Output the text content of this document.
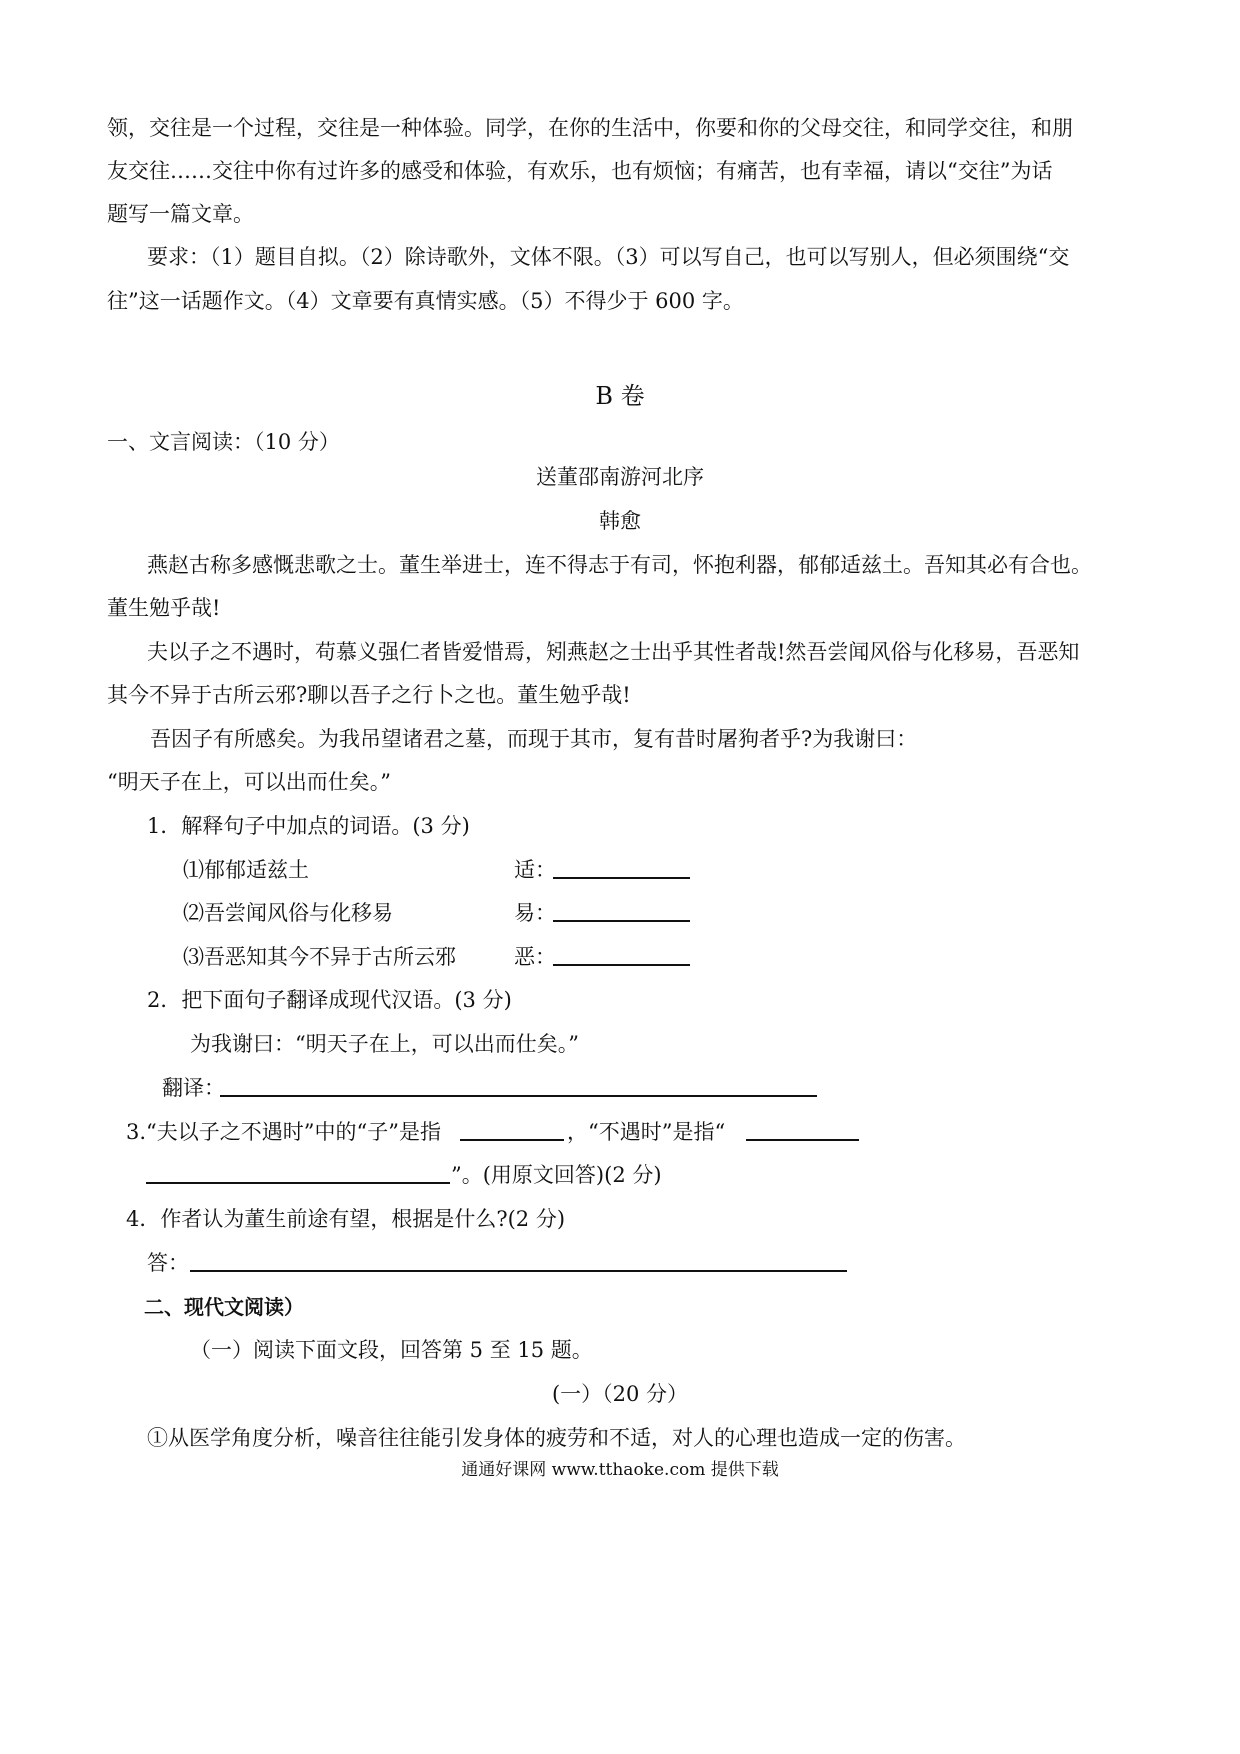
领，交往是一个过程，交往是一种体验。同学，在你的生活中，你要和你的父母交往，和同学交往，和朋
友交往……交往中你有过许多的感受和体验，有欢乐，也有烦恼；有痛苦，也有幸福，请以“交往”为话
题写一篇文章。
要求：（1）题目自拟。（2）除诗歌外，文体不限。（3）可以写自己，也可以写别人，但必须围绕“交
往”这一话题作文。（4）文章要有真情实感。（5）不得少于 600 字。
B 卷
一、文言阅读：（10 分）
送董邵南游河北序
韩愈
燕赵古称多感慨悲歌之士。董生举进士，连不得志于有司，怀抱利器，郁郁适兹土。吾知其必有合也。
董生勉乎哉!
夫以子之不遇时，苟慕义强仁者皆爱惜焉，矧燕赵之士出乎其性者哉!然吾尝闻风俗与化移易，吾恶知
其今不异于古所云邪?聊以吾子之行卜之也。董生勉乎哉!
吾因子有所感矣。为我吊望诸君之墓，而现于其市，复有昔时屠狗者乎?为我谢曰：
“明天子在上，可以出而仕矣。”
1．解释句子中加点的词语。(3 分)
⑴郁郁适兹土	适：
⑵吾尝闻风俗与化移易	易：
⑶吾恶知其今不异于古所云邪	恶：
2．把下面句子翻译成现代汉语。(3 分)
为我谢曰：“明天子在上，可以出而仕矣。”
翻译：
3.“夫以子之不遇时”中的“子”是指	，“不遇时”是指“
”。(用原文回答)(2 分)
4．作者认为董生前途有望，根据是什么?(2 分)
答：
二、现代文阅读）
（一）阅读下面文段，回答第 5 至 15 题。
(一）（20 分）
①从医学角度分析，噪音往往能引发身体的疲劳和不适，对人的心理也造成一定的伤害。
通通好课网 www.tthaoke.com 提供下载
